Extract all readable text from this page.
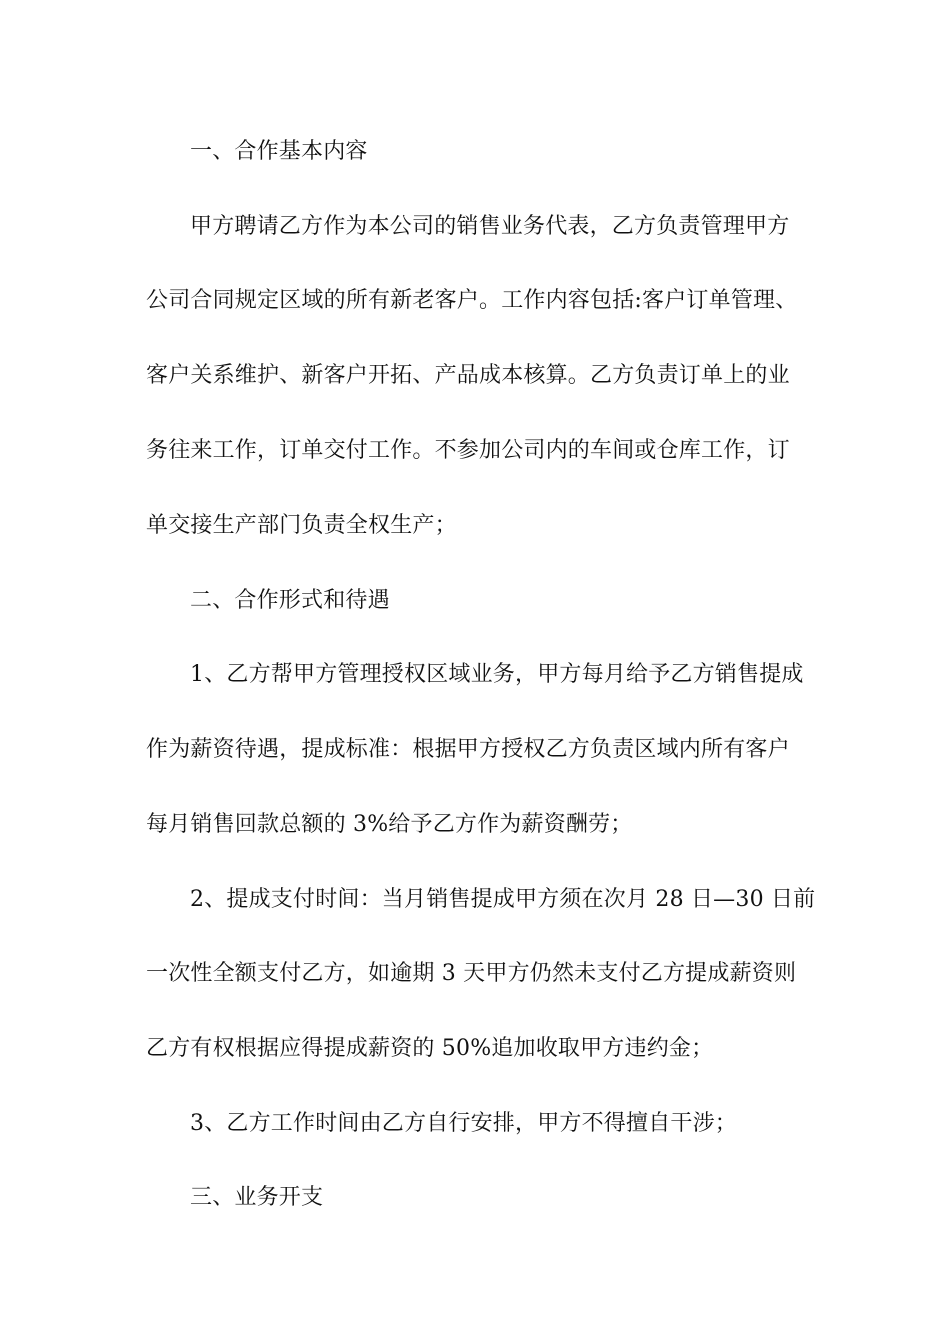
一、合作基本内容
甲方聘请乙方作为本公司的销售业务代表，乙方负责管理甲方
公司合同规定区域的所有新老客户。工作内容包括:客户订单管理、
客户关系维护、新客户开拓、产品成本核算。乙方负责订单上的业
务往来工作，订单交付工作。不参加公司内的车间或仓库工作，订
单交接生产部门负责全权生产；
二、合作形式和待遇
1、乙方帮甲方管理授权区域业务，甲方每月给予乙方销售提成
作为薪资待遇，提成标准：根据甲方授权乙方负责区域内所有客户
每月销售回款总额的 3%给予乙方作为薪资酬劳；
2、提成支付时间：当月销售提成甲方须在次月 28 日—30 日前
一次性全额支付乙方，如逾期 3 天甲方仍然未支付乙方提成薪资则
乙方有权根据应得提成薪资的 50%追加收取甲方违约金；
3、乙方工作时间由乙方自行安排，甲方不得擅自干涉；
三、业务开支
